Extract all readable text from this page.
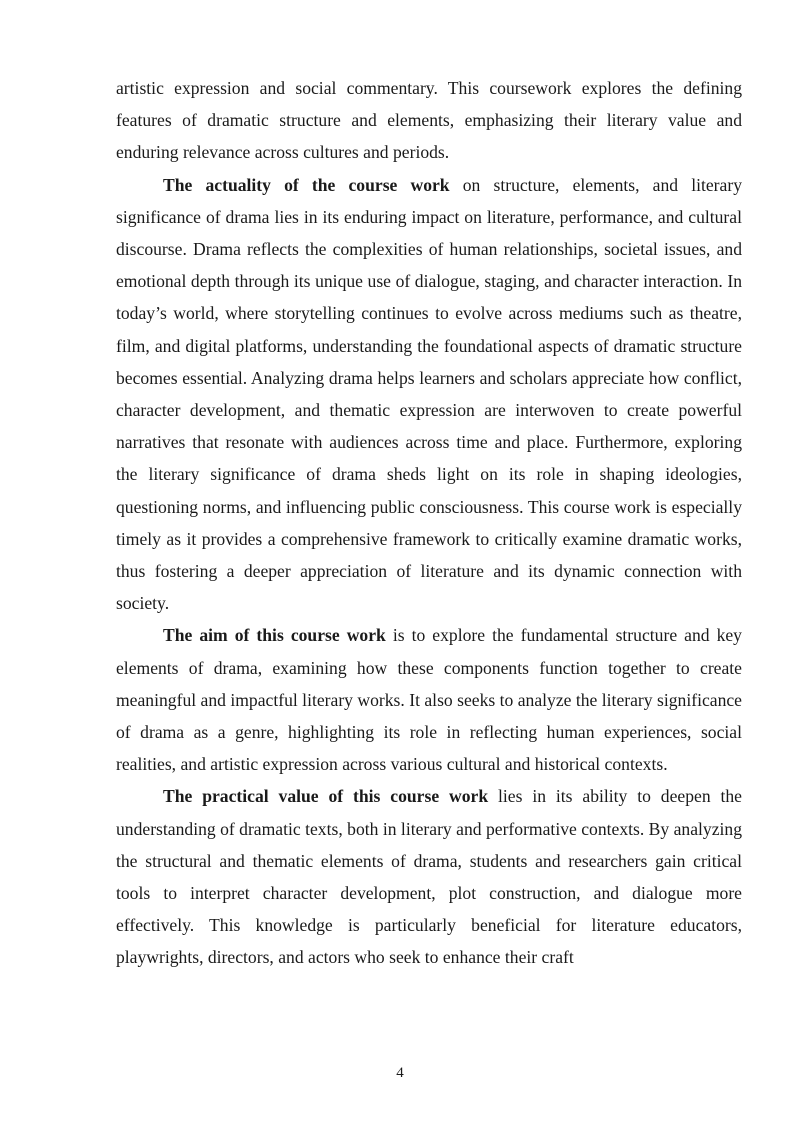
artistic expression and social commentary. This coursework explores the defining features of dramatic structure and elements, emphasizing their literary value and enduring relevance across cultures and periods.

The actuality of the course work on structure, elements, and literary significance of drama lies in its enduring impact on literature, performance, and cultural discourse. Drama reflects the complexities of human relationships, societal issues, and emotional depth through its unique use of dialogue, staging, and character interaction. In today’s world, where storytelling continues to evolve across mediums such as theatre, film, and digital platforms, understanding the foundational aspects of dramatic structure becomes essential. Analyzing drama helps learners and scholars appreciate how conflict, character development, and thematic expression are interwoven to create powerful narratives that resonate with audiences across time and place. Furthermore, exploring the literary significance of drama sheds light on its role in shaping ideologies, questioning norms, and influencing public consciousness. This course work is especially timely as it provides a comprehensive framework to critically examine dramatic works, thus fostering a deeper appreciation of literature and its dynamic connection with society.

The aim of this course work is to explore the fundamental structure and key elements of drama, examining how these components function together to create meaningful and impactful literary works. It also seeks to analyze the literary significance of drama as a genre, highlighting its role in reflecting human experiences, social realities, and artistic expression across various cultural and historical contexts.

The practical value of this course work lies in its ability to deepen the understanding of dramatic texts, both in literary and performative contexts. By analyzing the structural and thematic elements of drama, students and researchers gain critical tools to interpret character development, plot construction, and dialogue more effectively. This knowledge is particularly beneficial for literature educators, playwrights, directors, and actors who seek to enhance their craft

4
